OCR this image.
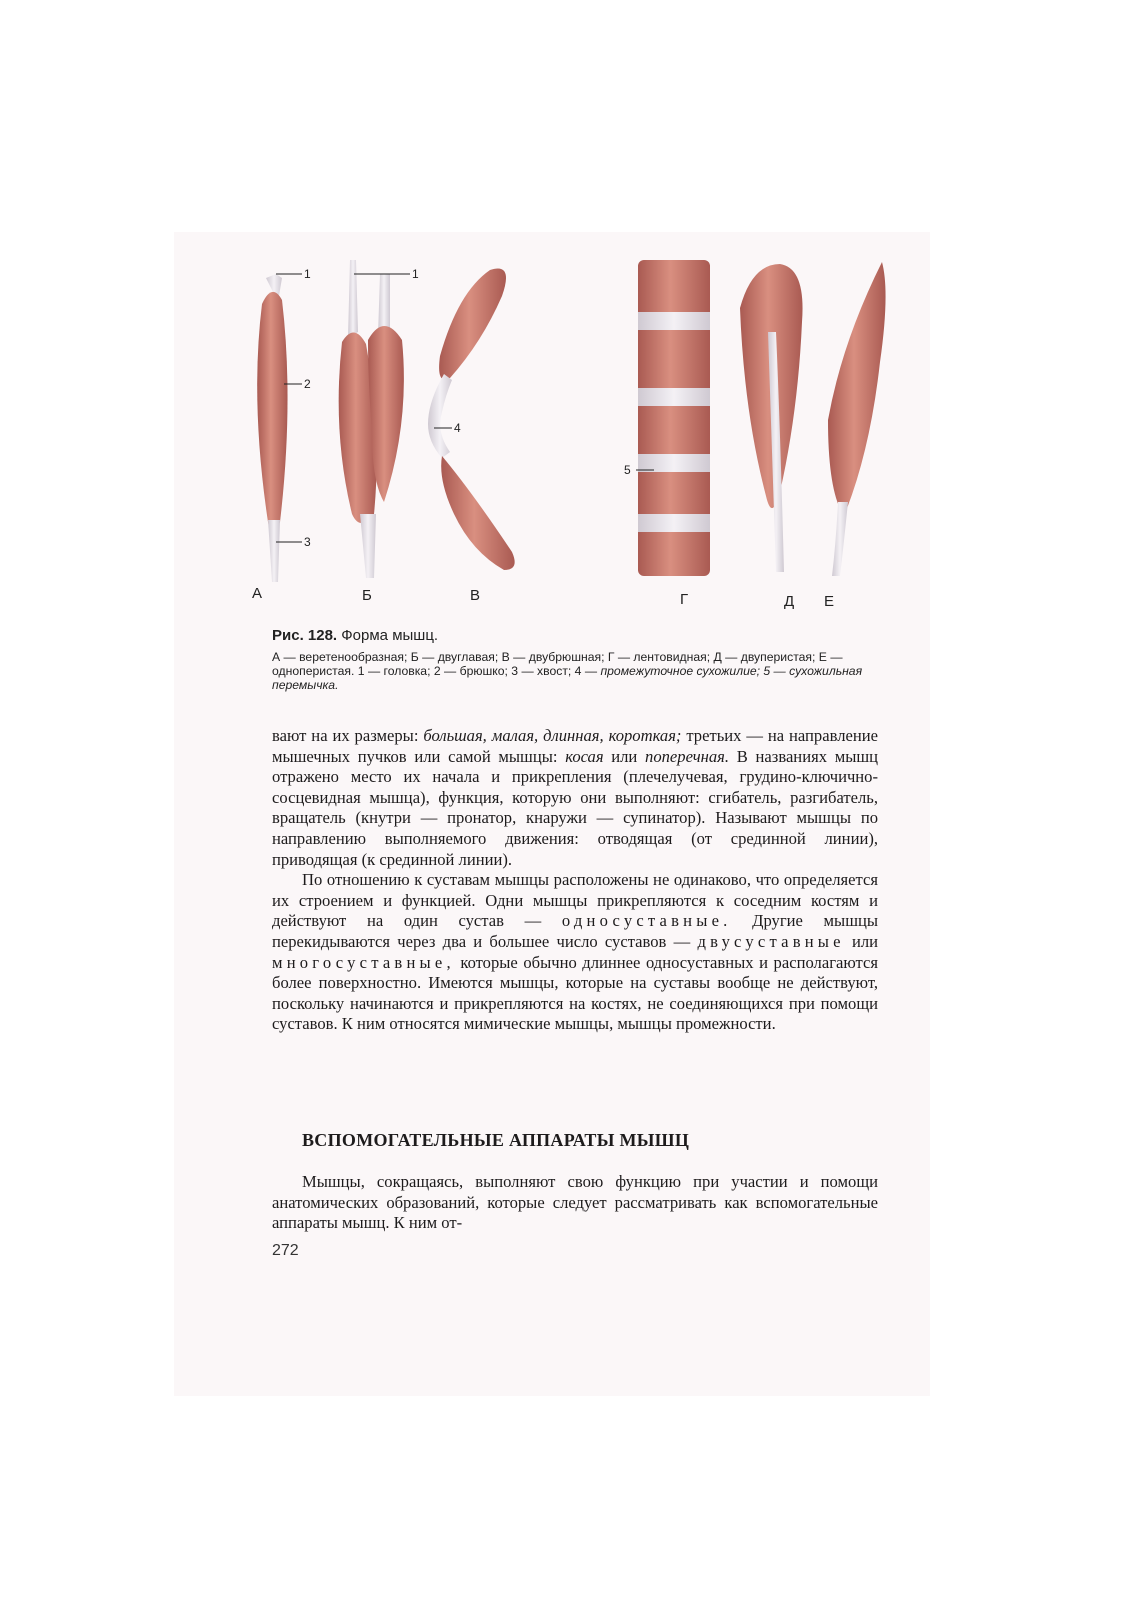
А	Б	В	Г	Д Е
1
2
3
1
4
5

Рис. 128. Форма мышц.

А — веретенообразная; Б — двуглавая; В — двубрюшная; Г — лентовидная; Д — двуперистая; Е — одноперистая. 1 — головка; 2 — брюшко; 3 — хвост; 4 — промежуточное сухожилие; 5 — сухожильная перемычка.

вают на их размеры: большая, малая, длинная, короткая; третьих — на направление мышечных пучков или самой мышцы: косая или поперечная. В названиях мышц отражено место их начала и прикрепления (плечелучевая, грудино-ключично-сосцевидная мышца), функция, которую они выполняют: сгибатель, разгибатель, вращатель (кнутри — пронатор, кнаружи — супинатор). Называют мышцы по направлению выполняемого движения: отводящая (от срединной линии), приводящая (к срединной линии).

По отношению к суставам мышцы расположены не одинаково, что определяется их строением и функцией. Одни мышцы прикрепляются к соседним костям и действуют на один сустав — односуставные. Другие мышцы перекидываются через два и большее число суставов — двусуставные или многосуставные, которые обычно длиннее односуставных и располагаются более поверхностно. Имеются мышцы, которые на суставы вообще не действуют, поскольку начинаются и прикрепляются на костях, не соединяющихся при помощи суставов. К ним относятся мимические мышцы, мышцы промежности.

ВСПОМОГАТЕЛЬНЫЕ АППАРАТЫ МЫШЦ

Мышцы, сокращаясь, выполняют свою функцию при участии и помощи анатомических образований, которые следует рассматривать как вспомогательные аппараты мышц. К ним от-

272
